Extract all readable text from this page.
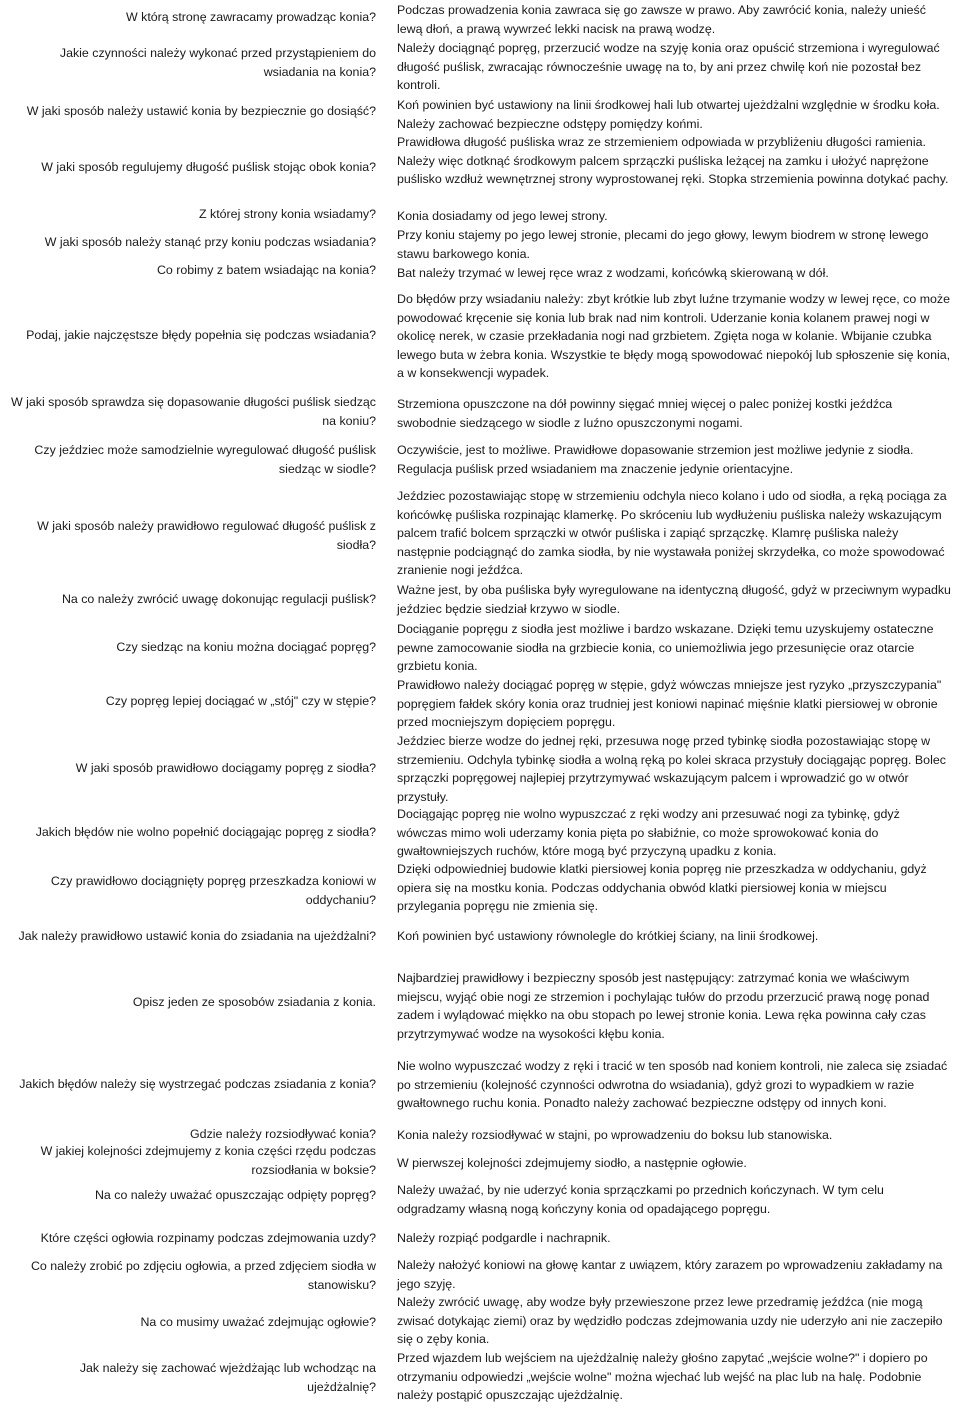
W którą stronę zawracamy prowadząc konia? Podczas prowadzenia konia zawraca się go zawsze w prawo. Aby zawrócić konia, należy unieść lewą dłoń, a prawą wywrzeć lekki nacisk na prawą wodzę.
Jakie czynności należy wykonać przed przystąpieniem do wsiadania na konia?
Należy dociągnąć popręg, przerzucić wodze na szyję konia oraz opuścić strzemiona i wyregulować długość puślisk, zwracając równocześnie uwagę na to, by ani przez chwilę koń nie pozostał bez kontroli.
W jaki sposób należy ustawić konia by bezpiecznie go dosiąść? Koń powinien być ustawiony na linii środkowej hali lub otwartej ujeżdżalni względnie w środku koła. Należy zachować bezpieczne odstępy pomiędzy końmi.
W jaki sposób regulujemy długość puślisk stojąc obok konia?
Prawidłowa długość puśliska wraz ze strzemieniem odpowiada w przybliżeniu długości ramienia. Należy więc dotknąć środkowym palcem sprzączki puśliska leżącej na zamku i ułożyć naprężone puślisko wzdłuż wewnętrznej strony wyprostowanej ręki. Stopka strzemienia powinna dotykać pachy.
Z której strony konia wsiadamy? Konia dosiadamy od jego lewej strony.
W jaki sposób należy stanąć przy koniu podczas wsiadania? Przy koniu stajemy po jego lewej stronie, plecami do jego głowy, lewym biodrem w stronę lewego stawu barkowego konia.
Co robimy z batem wsiadając na konia? Bat należy trzymać w lewej ręce wraz z wodzami, końcówką skierowaną w dół.
Podaj, jakie najczęstsze błędy popełnia się podczas wsiadania?
Do błędów przy wsiadaniu należy: zbyt krótkie lub zbyt luźne trzymanie wodzy w lewej ręce, co może powodować kręcenie się konia lub brak nad nim kontroli. Uderzanie konia kolanem prawej nogi w okolicę nerek, w czasie przekładania nogi nad grzbietem. Zgięta noga w kolanie. Wbijanie czubka lewego buta w żebra konia. Wszystkie te błędy mogą spowodować niepokój lub spłoszenie się konia, a w konsekwencji wypadek.
W jaki sposób sprawdza się dopasowanie długości puślisk siedząc na koniu?
Strzemiona opuszczone na dół powinny sięgać mniej więcej o palec poniżej kostki jeźdźca swobodnie siedzącego w siodle z luźno opuszczonymi nogami.
Czy jeździec może samodzielnie wyregulować długość puślisk siedząc w siodle?
Oczywiście, jest to możliwe. Prawidłowe dopasowanie strzemion jest możliwe jedynie z siodła. Regulacja puślisk przed wsiadaniem ma znaczenie jedynie orientacyjne.
W jaki sposób należy prawidłowo regulować długość puślisk z siodła?
Jeździec pozostawiając stopę w strzemieniu odchyla nieco kolano i udo od siodła, a ręką pociąga za końcówkę puśliska rozpinając klamerkę. Po skróceniu lub wydłużeniu puśliska należy wskazującym palcem trafić bolcem sprzączki w otwór puśliska i zapiąć sprzączkę. Klamrę puśliska należy następnie podciągnąć do zamka siodła, by nie wystawała poniżej skrzydełka, co może spowodować zranienie nogi jeźdźca.
Na co należy zwrócić uwagę dokonując regulacji puślisk?
Ważne jest, by oba puśliska były wyregulowane na identyczną długość, gdyż w przeciwnym wypadku jeździec będzie siedział krzywo w siodle.
Czy siedząc na koniu można dociągać popręg?
Dociąganie popręgu z siodła jest możliwe i bardzo wskazane. Dzięki temu uzyskujemy ostateczne pewne zamocowanie siodła na grzbiecie konia, co uniemożliwia jego przesunięcie oraz otarcie grzbietu konia.
Czy popręg lepiej dociągać w „stój" czy w stępie?
Prawidłowo należy dociągać popręg w stępie, gdyż wówczas mniejsze jest ryzyko „przyszczypania" popręgiem fałdek skóry konia oraz trudniej jest koniowi napinać mięśnie klatki piersiowej w obronie przed mocniejszym dopięciem popręgu.
W jaki sposób prawidłowo dociągamy popręg z siodła?
Jeździec bierze wodze do jednej ręki, przesuwa nogę przed tybinkę siodła pozostawiając stopę w strzemieniu. Odchyla tybinkę siodła a wolną ręką po kolei skraca przystuły dociągając popręg. Bolec sprzączki popręgowej najlepiej przytrzymywać wskazującym palcem i wprowadzić go w otwór przystuły.
Jakich błędów nie wolno popełnić dociągając popręg z siodła?
Dociągając popręg nie wolno wypuszczać z ręki wodzy ani przesuwać nogi za tybinkę, gdyż wówczas mimo woli uderzamy konia pięta po słabiźnie, co może sprowokować konia do gwałtowniejszych ruchów, które mogą być przyczyną upadku z konia.
Czy prawidłowo dociągnięty popręg przeszkadza koniowi w oddychaniu?
Dzięki odpowiedniej budowie klatki piersiowej konia popręg nie przeszkadza w oddychaniu, gdyż opiera się na mostku konia. Podczas oddychania obwód klatki piersiowej konia w miejscu przylegania popręgu nie zmienia się.
Jak należy prawidłowo ustawić konia do zsiadania na ujeżdżalni? Koń powinien być ustawiony równolegle do krótkiej ściany, na linii środkowej.
Opisz jeden ze sposobów zsiadania z konia.
Najbardziej prawidłowy i bezpieczny sposób jest następujący: zatrzymać konia we właściwym miejscu, wyjąć obie nogi ze strzemion i pochylając tułów do przodu przerzucić prawą nogę ponad zadem i wylądować miękko na obu stopach po lewej stronie konia. Lewa ręka powinna cały czas przytrzymywać wodze na wysokości kłębu konia.
Jakich błędów należy się wystrzegać podczas zsiadania z konia?
Nie wolno wypuszczać wodzy z ręki i tracić w ten sposób nad koniem kontroli, nie zaleca się zsiadać po strzemieniu (kolejność czynności odwrotna do wsiadania), gdyż grozi to wypadkiem w razie gwałtownego ruchu konia. Ponadto należy zachować bezpieczne odstępy od innych koni.
Gdzie należy rozsiodływać konia? Konia należy rozsiodływać w stajni, po wprowadzeniu do boksu lub stanowiska.
W jakiej kolejności zdejmujemy z konia części rzędu podczas rozsiodłania w boksie? W pierwszej kolejności zdejmujemy siodło, a następnie ogłowie.
Na co należy uważać opuszczając odpięty popręg? Należy uważać, by nie uderzyć konia sprzączkami po przednich kończynach. W tym celu odgradzamy własną nogą kończyny konia od opadającego popręgu.
Które części ogłowia rozpinamy podczas zdejmowania uzdy? Należy rozpiąć podgardle i nachrapnik.
Co należy zrobić po zdjęciu ogłowia, a przed zdjęciem siodła w stanowisku?
Należy nałożyć koniowi na głowę kantar z uwiązem, który zarazem po wprowadzeniu zakładamy na jego szyję.
Na co musimy uważać zdejmując ogłowie?
Należy zwrócić uwagę, aby wodze były przewieszone przez lewe przedramię jeźdźca (nie mogą zwisać dotykając ziemi) oraz by wędzidło podczas zdejmowania uzdy nie uderzyło ani nie zaczepiło się o zęby konia.
Jak należy się zachować wjeżdżając lub wchodząc na ujeżdżalnię?
Przed wjazdem lub wejściem na ujeżdżalnię należy głośno zapytać „wejście wolne?" i dopiero po otrzymaniu odpowiedzi „wejście wolne" można wjechać lub wejść na plac lub na halę. Podobnie należy postąpić opuszczając ujeżdżalnię.
